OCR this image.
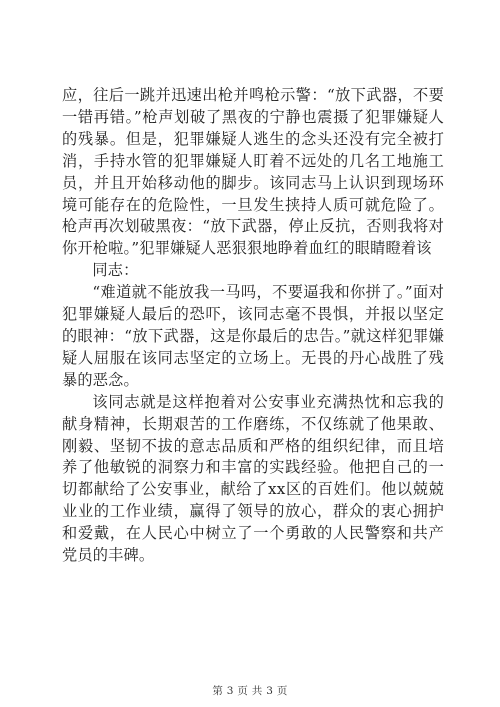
应，往后一跳并迅速出枪并鸣枪示警：“放下武器，不要一错再错。”枪声划破了黑夜的宁静也震摄了犯罪嫌疑人的残暴。但是，犯罪嫌疑人逃生的念头还没有完全被打消，手持水管的犯罪嫌疑人盯着不远处的几名工地施工员，并且开始移动他的脚步。该同志马上认识到现场环境可能存在的危险性，一旦发生挟持人质可就危险了。枪声再次划破黑夜：“放下武器，停止反抗，否则我将对你开枪啦。”犯罪嫌疑人恶狠狠地睁着血红的眼睛瞪着该

同志：

“难道就不能放我一马吗，不要逼我和你拼了。”面对犯罪嫌疑人最后的恐吓，该同志毫不畏惧，并报以坚定的眼神：“放下武器，这是你最后的忠告。”就这样犯罪嫌疑人屈服在该同志坚定的立场上。无畏的丹心战胜了残暴的恶念。

该同志就是这样抱着对公安事业充满热忱和忘我的献身精神，长期艰苦的工作磨练，不仅练就了他果敢、刚毅、坚韧不拔的意志品质和严格的组织纪律，而且培养了他敏锐的洞察力和丰富的实践经验。他把自己的一切都献给了公安事业，献给了xx区的百姓们。他以兢兢业业的工作业绩，赢得了领导的放心，群众的衷心拥护和爱戴，在人民心中树立了一个勇敢的人民警察和共产党员的丰碑。

第 3 页 共 3 页
